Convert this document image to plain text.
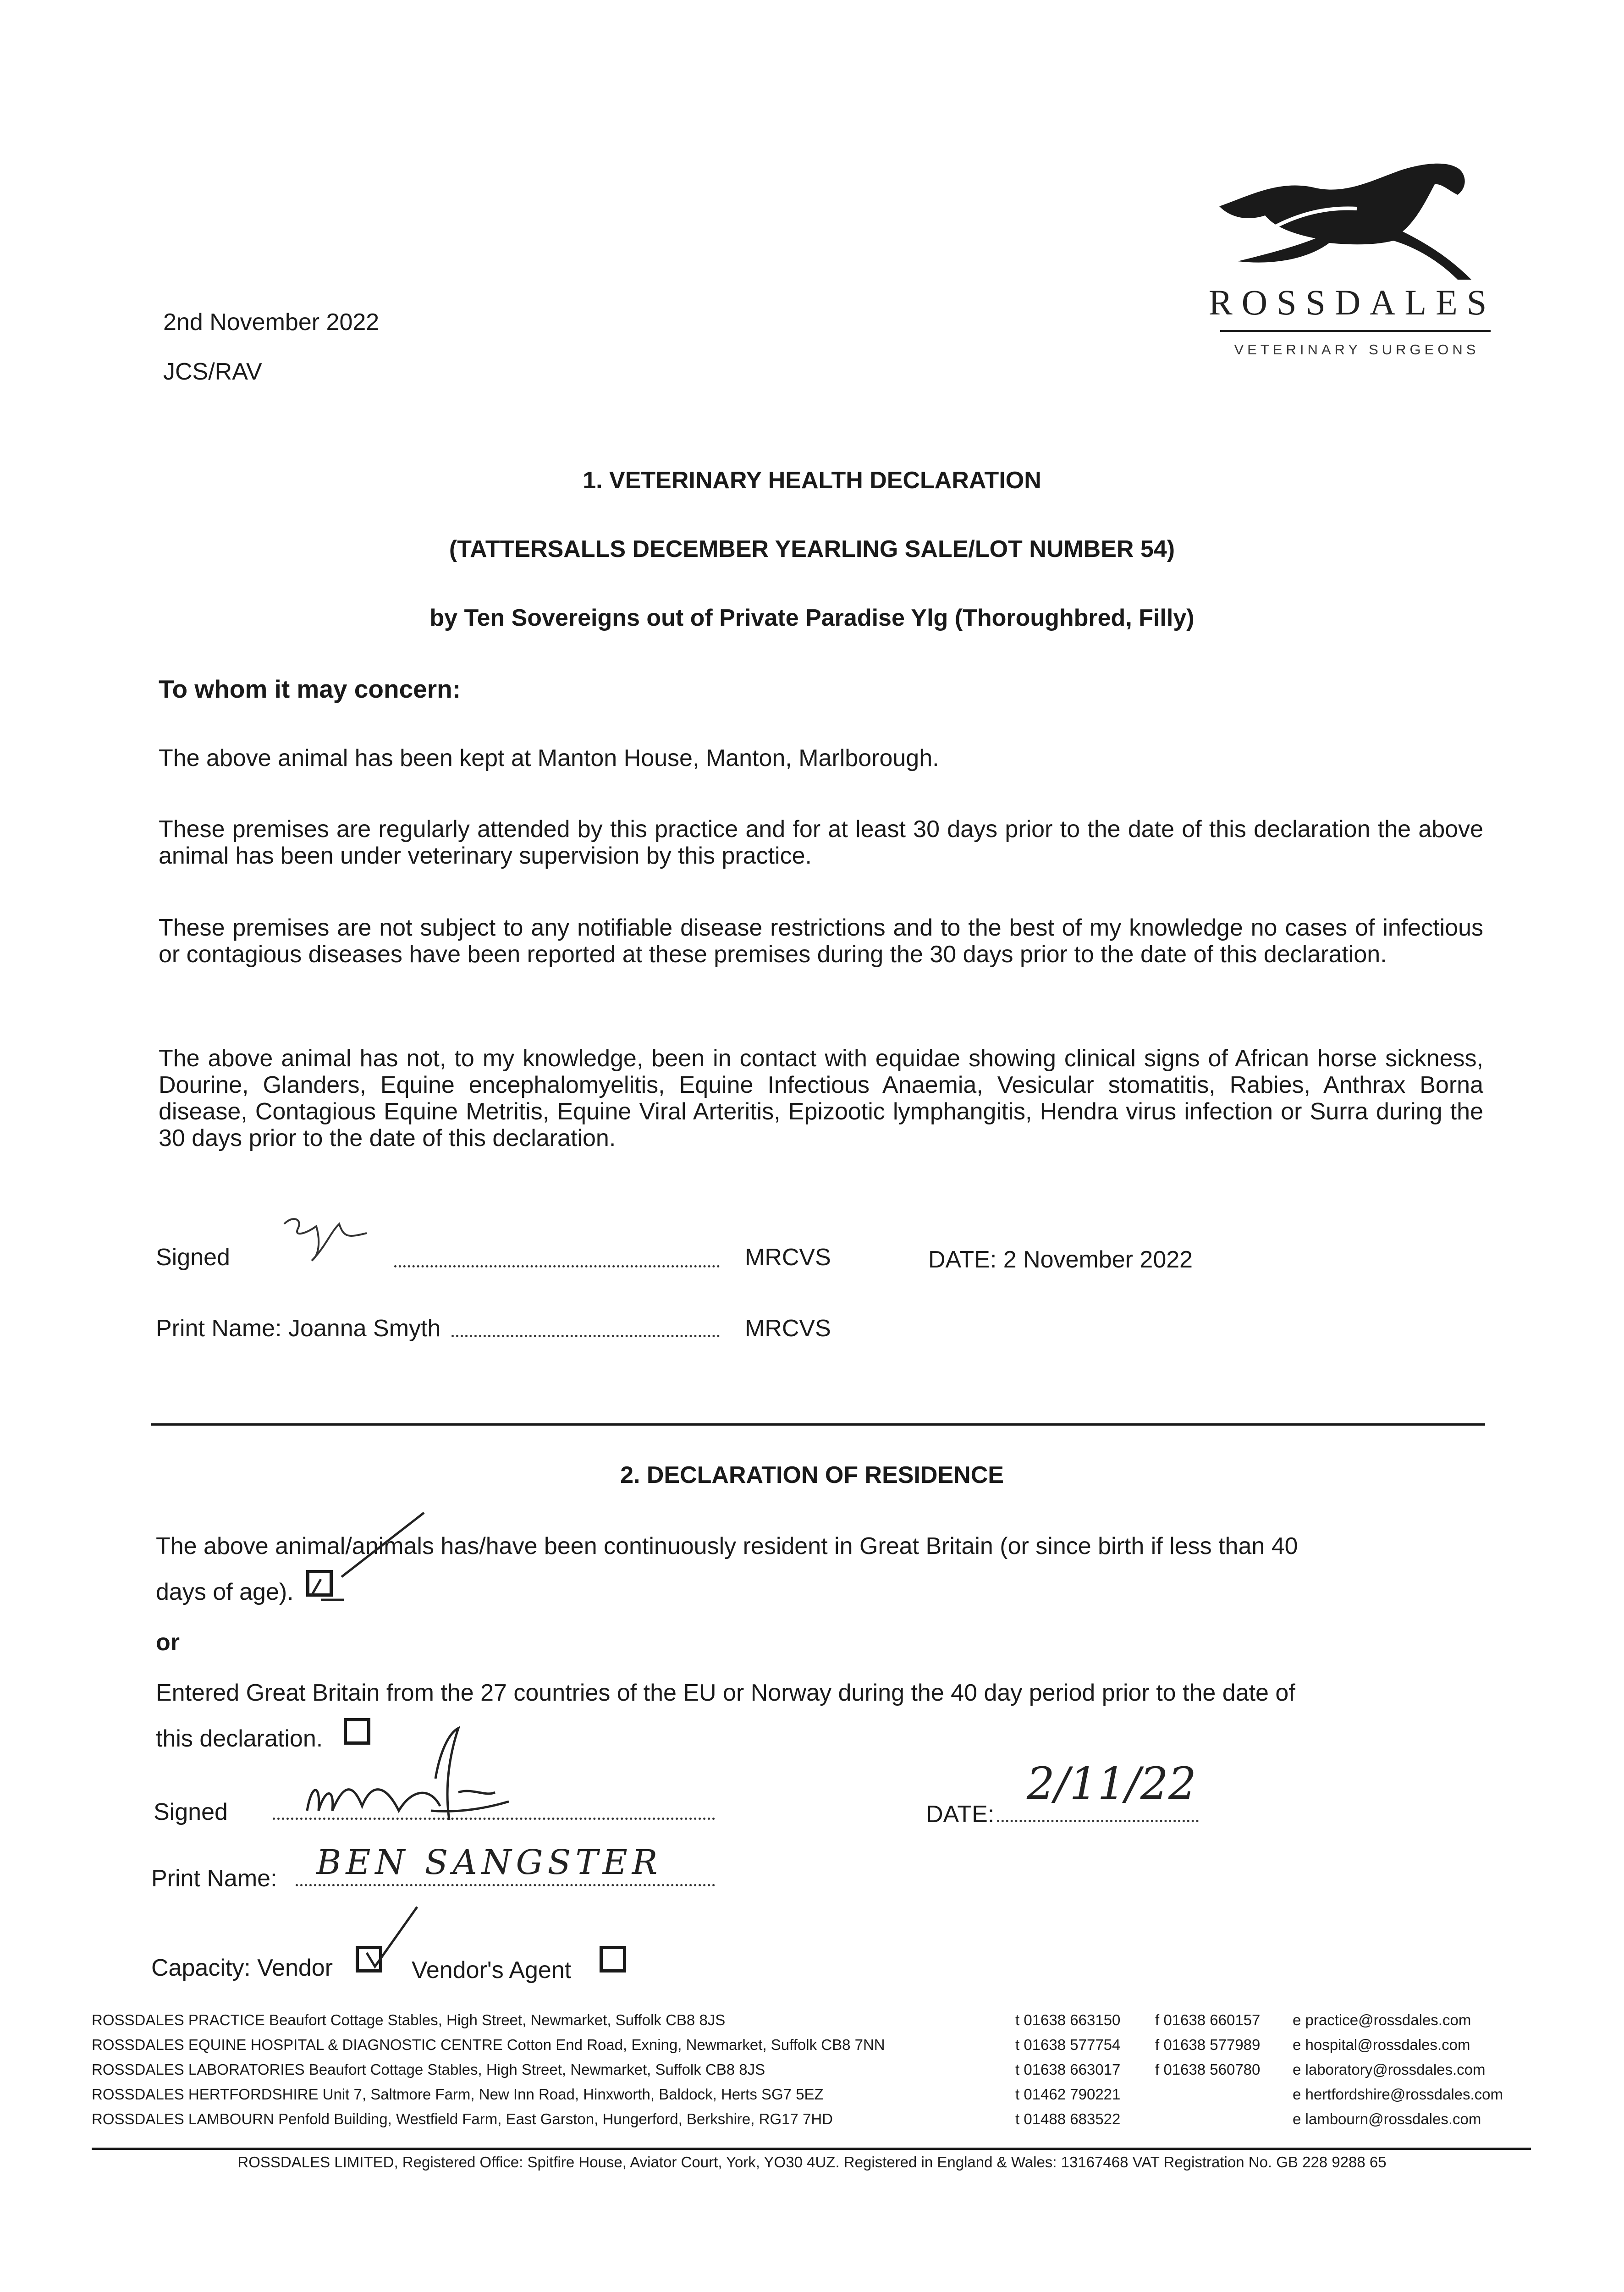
ROSSDALES
VETERINARY SURGEONS
2nd November 2022
JCS/RAV
1. VETERINARY HEALTH DECLARATION
(TATTERSALLS DECEMBER YEARLING SALE/LOT NUMBER 54)
by Ten Sovereigns out of Private Paradise Ylg (Thoroughbred, Filly)
To whom it may concern:
The above animal has been kept at Manton House, Manton, Marlborough.
These premises are regularly attended by this practice and for at least 30 days prior to the date of this declaration the above animal has been under veterinary supervision by this practice.
These premises are not subject to any notifiable disease restrictions and to the best of my knowledge no cases of infectious or contagious diseases have been reported at these premises during the 30 days prior to the date of this declaration.
The above animal has not, to my knowledge, been in contact with equidae showing clinical signs of African horse sickness, Dourine, Glanders, Equine encephalomyelitis, Equine Infectious Anaemia, Vesicular stomatitis, Rabies, Anthrax Borna disease, Contagious Equine Metritis, Equine Viral Arteritis, Epizootic lymphangitis, Hendra virus infection or Surra during the 30 days prior to the date of this declaration.
Signed	MRCVS	DATE: 2 November 2022
Print Name: Joanna Smyth	MRCVS
2. DECLARATION OF RESIDENCE
The above animal/animals has/have been continuously resident in Great Britain (or since birth if less than 40
days of age).
or
Entered Great Britain from the 27 countries of the EU or Norway during the 40 day period prior to the date of
this declaration.
Signed	DATE:
2/11/22
Print Name: BEN SANGSTER
Capacity: Vendor	Vendor's Agent
ROSSDALES PRACTICE Beaufort Cottage Stables, High Street, Newmarket, Suffolk CB8 8JS	t 01638 663150 f 01638 660157 e practice@rossdales.com
ROSSDALES EQUINE HOSPITAL & DIAGNOSTIC CENTRE Cotton End Road, Exning, Newmarket, Suffolk CB8 7NN	t 01638 577754 f 01638 577989 e hospital@rossdales.com
ROSSDALES LABORATORIES Beaufort Cottage Stables, High Street, Newmarket, Suffolk CB8 8JS	t 01638 663017 f 01638 560780 e laboratory@rossdales.com
ROSSDALES HERTFORDSHIRE Unit 7, Saltmore Farm, New Inn Road, Hinxworth, Baldock, Herts SG7 5EZ	t 01462 790221	e hertfordshire@rossdales.com
ROSSDALES LAMBOURN Penfold Building, Westfield Farm, East Garston, Hungerford, Berkshire, RG17 7HD	t 01488 683522	e lambourn@rossdales.com
ROSSDALES LIMITED, Registered Office: Spitfire House, Aviator Court, York, YO30 4UZ. Registered in England & Wales: 13167468 VAT Registration No. GB 228 9288 65
